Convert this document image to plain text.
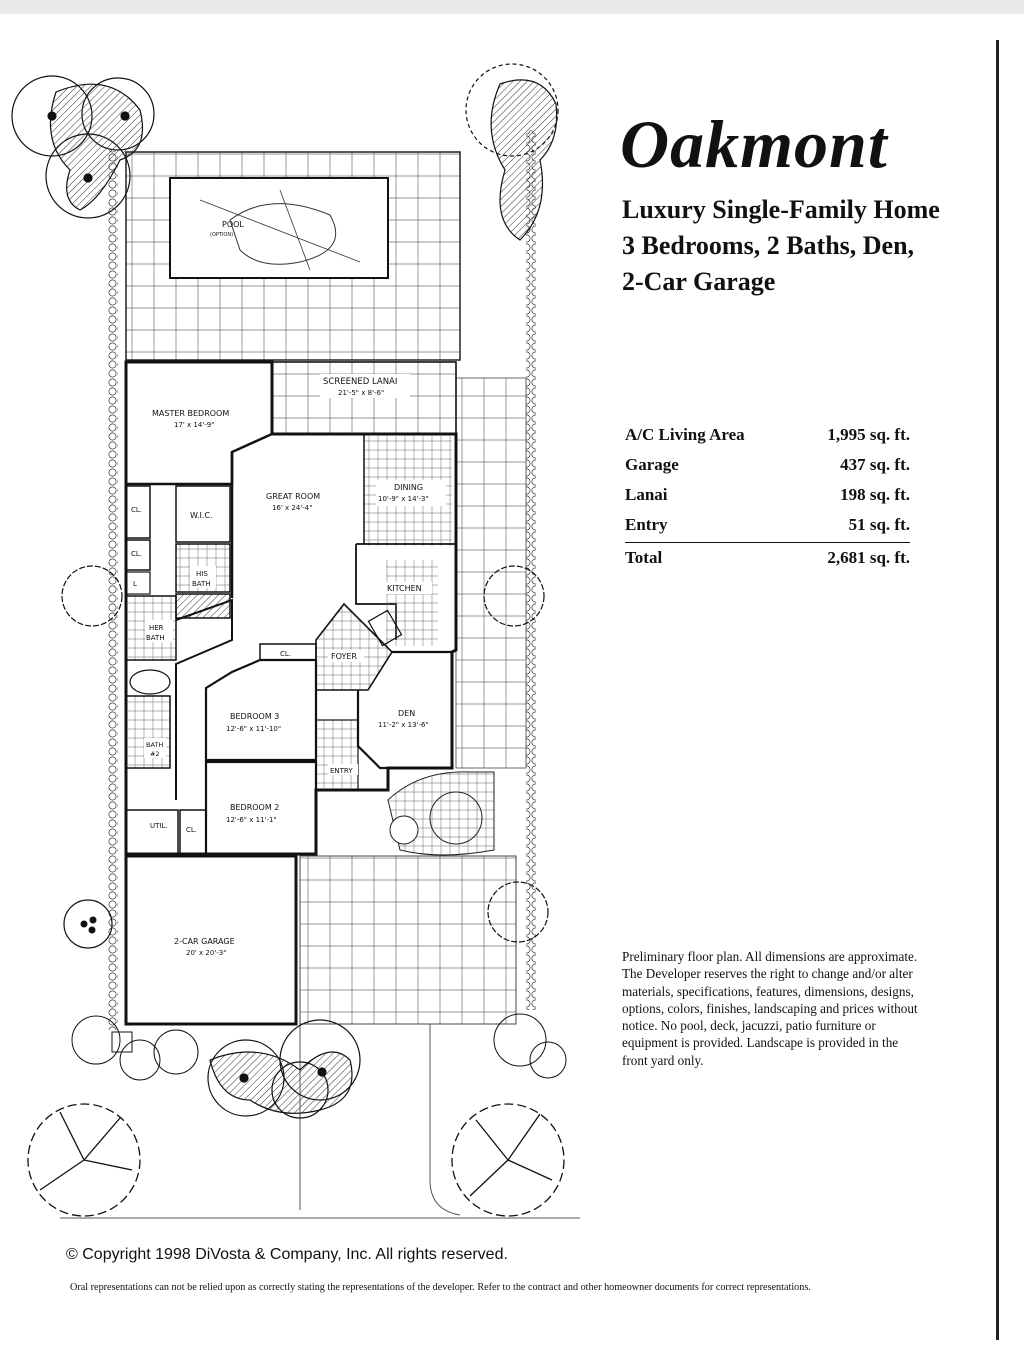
POOL
(OPTION)
SCREENED LANAI
21'-5" x 8'-6"
DINING
10'-9" x 14'-3"
MASTER BEDROOM
17' x 14'-9"
GREAT ROOM
16' x 24'-4"
CL.
CL.
W.I.C.
HIS
BATH
L
HER
BATH
KITCHEN
FOYER
CL.
DEN
11'-2" x 13'-6"
BEDROOM 3
12'-6" x 11'-10"
ENTRY
BATH
#2
BEDROOM 2
12'-6" x 11'-1"
UTIL.	CL.
2-CAR GARAGE
20' x 20'-3"
Oakmont
Luxury Single-Family Home
3 Bedrooms, 2 Baths, Den,
2-Car Garage
A/C Living Area	1,995 sq. ft.
Garage	437 sq. ft.
Lanai	198 sq. ft.
Entry	51 sq. ft.
Total	2,681 sq. ft.
Preliminary floor plan. All dimensions are approximate. The Developer reserves the right to change and/or alter materials, specifications, features, dimensions, designs, options, colors, finishes, landscaping and prices without notice. No pool, deck, jacuzzi, patio furniture or equipment is provided. Landscape is provided in the front yard only.
© Copyright 1998 DiVosta & Company, Inc. All rights reserved.
Oral representations can not be relied upon as correctly stating the representations of the developer. Refer to the contract and other homeowner documents for correct representations.
